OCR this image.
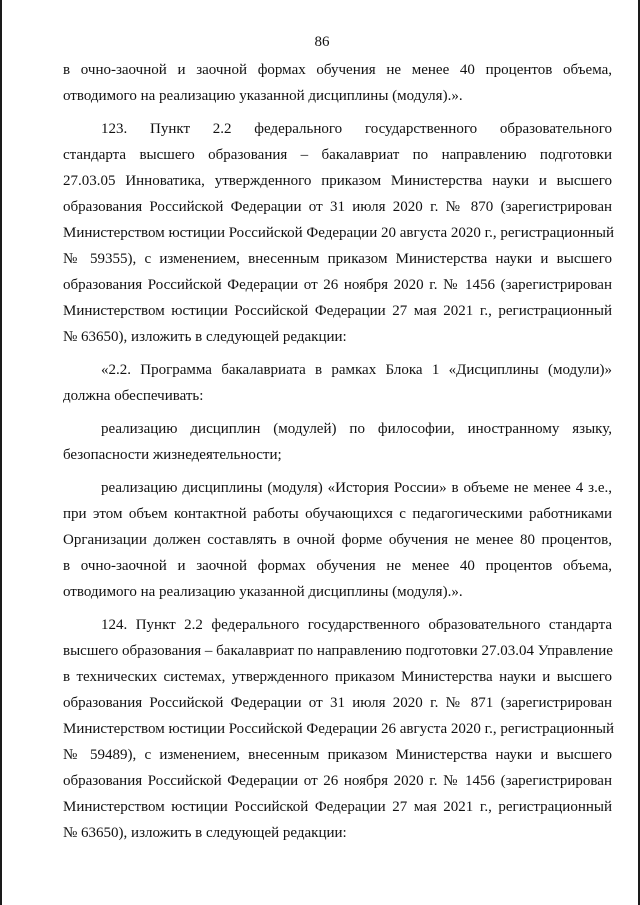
86
в очно-заочной и заочной формах обучения не менее 40 процентов объема,
отводимого на реализацию указанной дисциплины (модуля).».
123. Пункт 2.2 федерального государственного образовательного
стандарта высшего образования – бакалавриат по направлению подготовки
27.03.05 Инноватика, утвержденного приказом Министерства науки и высшего
образования Российской Федерации от 31 июля 2020 г. № 870 (зарегистрирован
Министерством юстиции Российской Федерации 20 августа 2020 г., регистрационный
№ 59355), с изменением, внесенным приказом Министерства науки и высшего
образования Российской Федерации от 26 ноября 2020 г. № 1456 (зарегистрирован
Министерством юстиции Российской Федерации 27 мая 2021 г., регистрационный
№ 63650), изложить в следующей редакции:
«2.2. Программа бакалавриата в рамках Блока 1 «Дисциплины (модули)»
должна обеспечивать:
реализацию дисциплин (модулей) по философии, иностранному языку,
безопасности жизнедеятельности;
реализацию дисциплины (модуля) «История России» в объеме не менее 4 з.е.,
при этом объем контактной работы обучающихся с педагогическими работниками
Организации должен составлять в очной форме обучения не менее 80 процентов,
в очно-заочной и заочной формах обучения не менее 40 процентов объема,
отводимого на реализацию указанной дисциплины (модуля).».
124. Пункт 2.2 федерального государственного образовательного стандарта
высшего образования – бакалавриат по направлению подготовки 27.03.04 Управление
в технических системах, утвержденного приказом Министерства науки и высшего
образования Российской Федерации от 31 июля 2020 г. № 871 (зарегистрирован
Министерством юстиции Российской Федерации 26 августа 2020 г., регистрационный
№ 59489), с изменением, внесенным приказом Министерства науки и высшего
образования Российской Федерации от 26 ноября 2020 г. № 1456 (зарегистрирован
Министерством юстиции Российской Федерации 27 мая 2021 г., регистрационный
№ 63650), изложить в следующей редакции:
